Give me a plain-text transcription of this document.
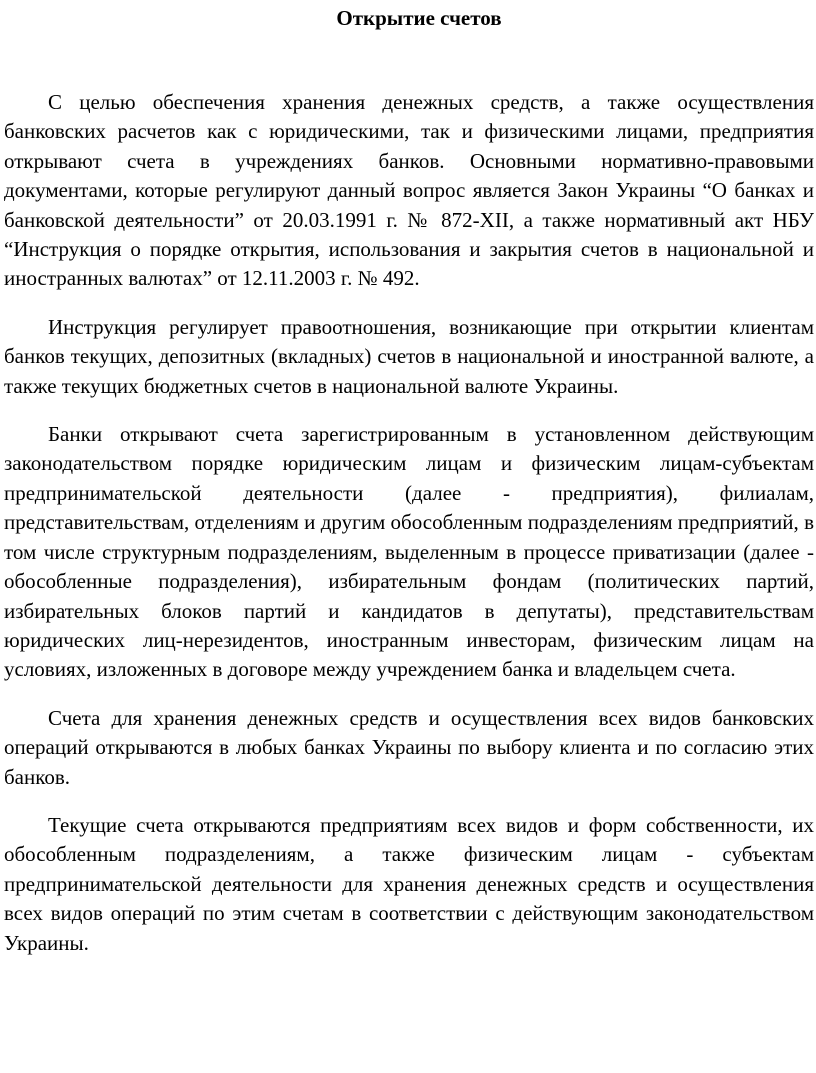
Открытие счетов

С целью обеспечения хранения денежных средств, а также осуществления банковских расчетов как с юридическими, так и физическими лицами, предприятия открывают счета в учреждениях банков. Основными нормативно-правовыми документами, которые регулируют данный вопрос является Закон Украины “О банках и банковской деятельности” от 20.03.1991 г. № 872-XII, а также нормативный акт НБУ “Инструкция о порядке открытия, использования и закрытия счетов в национальной и иностранных валютах” от 12.11.2003 г. № 492.

Инструкция регулирует правоотношения, возникающие при открытии клиентам банков текущих, депозитных (вкладных) счетов в национальной и иностранной валюте, а также текущих бюджетных счетов в национальной валюте Украины.

Банки открывают счета зарегистрированным в установленном действующим законодательством порядке юридическим лицам и физическим лицам-субъектам предпринимательской деятельности (далее - предприятия), филиалам, представительствам, отделениям и другим обособленным подразделениям предприятий, в том числе структурным подразделениям, выделенным в процессе приватизации (далее - обособленные подразделения), избирательным фондам (политических партий, избирательных блоков партий и кандидатов в депутаты), представительствам юридических лиц-нерезидентов, иностранным инвесторам, физическим лицам на условиях, изложенных в договоре между учреждением банка и владельцем счета.

Счета для хранения денежных средств и осуществления всех видов банковских операций открываются в любых банках Украины по выбору клиента и по согласию этих банков.

Текущие счета открываются предприятиям всех видов и форм собственности, их обособленным подразделениям, а также физическим лицам - субъектам предпринимательской деятельности для хранения денежных средств и осуществления всех видов операций по этим счетам в соответствии с действующим законодательством Украины.
